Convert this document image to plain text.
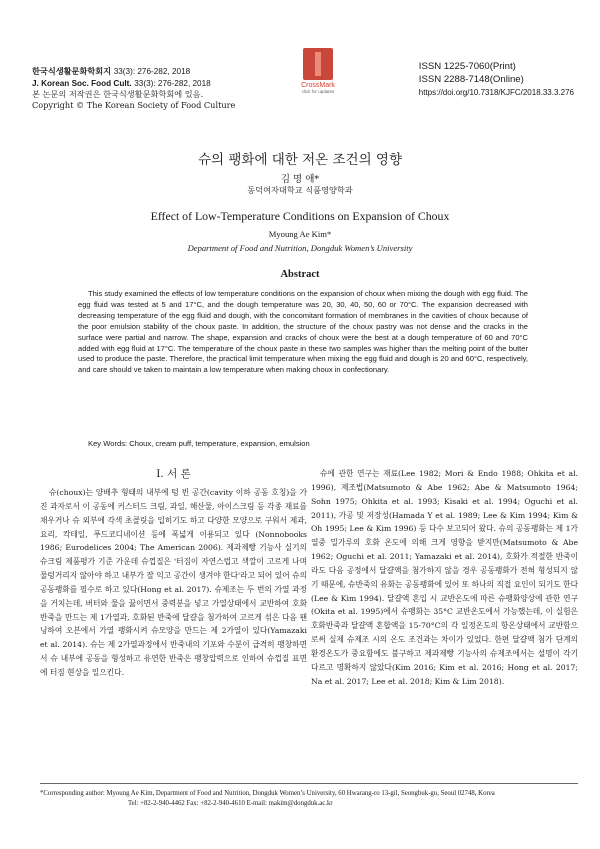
한국식생활문화학회지 33(3): 276-282, 2018
J. Korean Soc. Food Cult. 33(3): 276-282, 2018
본 논문의 저작권은 한국식생활문화학회에 있음.
Copyright © The Korean Society of Food Culture
CrossMark
click for updates
ISSN 1225-7060(Print)
ISSN 2288-7148(Online)
https://doi.org/10.7318/KJFC/2018.33.3.276
슈의 팽화에 대한 저온 조건의 영향
김 명 애*
동덕여자대학교 식품영양학과
Effect of Low-Temperature Conditions on Expansion of Choux
Myoung Ae Kim*
Department of Food and Nutrition, Dongduk Women’s University
Abstract
This study examined the effects of low temperature conditions on the expansion of choux when mixing the dough with egg fluid. The egg fluid was tested at 5 and 17°C, and the dough temperature was 20, 30, 40, 50, 60 or 70°C. The expansion decreased with decreasing temperature of the egg fluid and dough, with the concomitant formation of membranes in the cavities of choux because of the poor emulsion stability of the choux paste. In addition, the structure of the choux pastry was not dense and the cracks in the surface were partial and narrow. The shape, expansion and cracks of choux were the best at a dough temperature of 60 and 70°C added with egg fluid at 17°C. The temperature of the choux paste in these two samples was higher than the melting point of the butter used to produce the paste. Therefore, the practical limit temperature when mixing the egg fluid and dough is 20 and 60°C, respectively, and care should ve taken to maintain a low temperature when making choux in confectionary.
Key Words: Choux, cream puff, temperature, expansion, emulsion
Ⅰ. 서 론

슈(choux)는 양배추 형태의 내부에 텅 빈 공간(cavity 이하 공동 호칭)을 가진 과자로서 이 공동에 커스터드 크림, 과일, 해산물, 아이스크림 등 각종 재료를 채우거나 슈 외부에 각색 초콜릿을 입히기도 하고 다양한 모양으로 구워서 제과, 요리, 칵테일, 푸드코디네이션 등에 폭넓게 이용되고 있다 (Nonnobooks 1986; Eurodelices 2004; The American 2006). 제과제빵 기능사 실기의 슈크림 제품평가 기준 가운데 슈껍질은 '터짐이 자연스럽고 색깔이 고르게 나며 물렁거리지 않아야 하고 내부가 잘 익고 공간이 생겨야 한다'라고 되어 있어 슈의 공동팽화를 필수로 하고 있다(Hong et al. 2017). 슈제조는 두 번의 가열 과정을 거치는데, 버터와 물을 끓이면서 중력분을 넣고 가열상태에서 교반하여 호화반죽을 만드는 제 1가열과, 호화된 반죽에 달걀을 첨가하여 고르게 섞은 다음 팬닝하여 오븐에서 가열 팽화시켜 슈모양을 만드는 제 2가열이 있다(Yamazaki et al. 2014). 슈는 제 2가열과정에서 반죽내의 기포와 수분이 급격히 팽창하면서 슈 내부에 공동을 형성하고 유연한 반죽은 팽창압력으로 인하여 슈껍질 표면에 터짐 현상을 일으킨다.

슈에 관한 연구는 재료(Lee 1982; Mori & Endo 1988; Ohkita et al. 1996), 제조법(Matsumoto & Abe 1962; Abe & Matsumoto 1964; Sohn 1975; Ohkita et al. 1993; Kisaki et al. 1994; Oguchi et al. 2011), 가공 및 저장성(Hamada Y et al. 1989; Lee & Kim 1994; Kim & Oh 1995; Lee & Kim 1996) 등 다수 보고되어 왔다. 슈의 공동팽화는 제 1가열중 밀가루의 호화 온도에 의해 크게 영향을 받지만(Matsumoto & Abe 1962; Oguchi et al. 2011; Yamazaki et al. 2014), 호화가 적절한 반죽이라도 다음 공정에서 달걀액을 첨가하지 않을 경우 공동팽화가 전혀 형성되지 않기 때문에, 슈반죽의 유화는 공동팽화에 있어 또 하나의 직접 요인이 되기도 한다 (Lee & Kim 1994). 달걀액 혼입 시 교반온도에 따른 슈팽화양상에 관한 연구(Okita et al. 1995)에서 슈팽화는 35°C 교반온도에서 가능했는데, 이 실험은 호화반죽과 달걀액 혼합액을 15-70°C의 각 일정온도의 항온상태에서 교반함으로써 실제 슈제조 시의 온도 조건과는 차이가 있었다. 한편 달걀액 첨가 단계의 환경온도가 중요함에도 불구하고 제과제빵 기능사의 슈제조에서는 설명이 각기 다르고 명확하지 않았다(Kim 2016; Kim et al. 2016; Hong et al. 2017; Na et al. 2017; Lee et al. 2018; Kim & Lim 2018).

*Corresponding author: Myoung Ae Kim, Department of Food and Nutrition, Dongduk Women’s University, 60 Hwarang-ro 13-gil, Seongbuk-gu, Seoul 02748, Korea
Tel: +82-2-940-4462 Fax: +82-2-940-4610 E-mail: makim@dongduk.ac.kr
